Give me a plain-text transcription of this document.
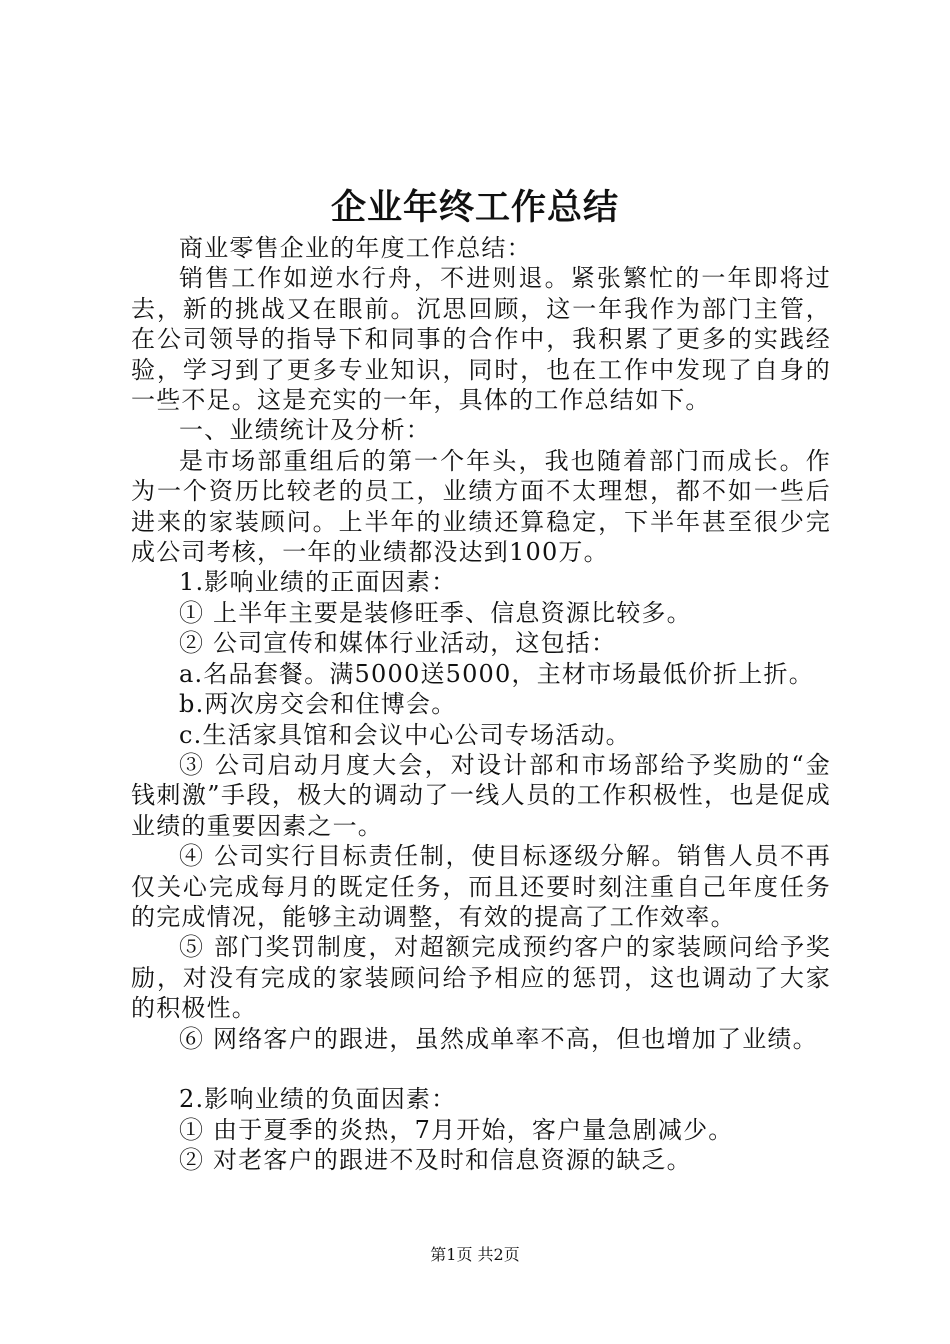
企业年终工作总结

商业零售企业的年度工作总结：

销售工作如逆水行舟，不进则退。紧张繁忙的一年即将过去，新的挑战又在眼前。沉思回顾，这一年我作为部门主管，在公司领导的指导下和同事的合作中，我积累了更多的实践经验，学习到了更多专业知识，同时，也在工作中发现了自身的一些不足。这是充实的一年，具体的工作总结如下。

一、业绩统计及分析：

是市场部重组后的第一个年头，我也随着部门而成长。作为一个资历比较老的员工，业绩方面不太理想，都不如一些后进来的家装顾问。上半年的业绩还算稳定，下半年甚至很少完成公司考核，一年的业绩都没达到100万。

1.影响业绩的正面因素：

① 上半年主要是装修旺季、信息资源比较多。

② 公司宣传和媒体行业活动，这包括：

a.名品套餐。满5000送5000，主材市场最低价折上折。

b.两次房交会和住博会。

c.生活家具馆和会议中心公司专场活动。

③ 公司启动月度大会，对设计部和市场部给予奖励的“金钱刺激”手段，极大的调动了一线人员的工作积极性，也是促成业绩的重要因素之一。

④ 公司实行目标责任制，使目标逐级分解。销售人员不再仅关心完成每月的既定任务，而且还要时刻注重自己年度任务的完成情况，能够主动调整，有效的提高了工作效率。

⑤ 部门奖罚制度，对超额完成预约客户的家装顾问给予奖励，对没有完成的家装顾问给予相应的惩罚，这也调动了大家的积极性。

⑥ 网络客户的跟进，虽然成单率不高，但也增加了业绩。

2.影响业绩的负面因素：

① 由于夏季的炎热，7月开始，客户量急剧减少。

② 对老客户的跟进不及时和信息资源的缺乏。

第1页 共2页
